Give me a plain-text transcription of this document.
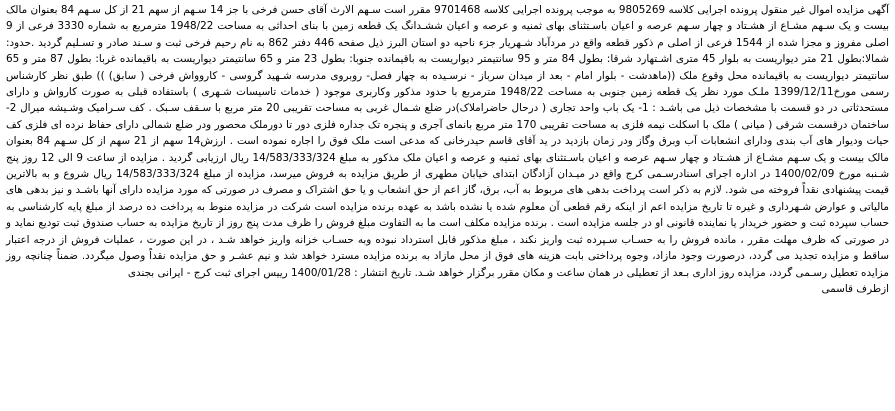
آگهی مزایده اموال غیر منقول پرونده اجرایی کلاسه 9805269 به موجب پرونده اجرایی کلاسه 9701468 مقرر است سـهم الارث آقای حسن فرخی با جز 14 سـهم از سهم 21 از کل سـهم 84 بعنوان مالک بیست و یک سـهم مشـاع از هشـتاد و چهار سـهم عرصه و اعیان باسـتثنای بهای ثمنیه و عرصه و اعیان ششـدانگ یک قطعه زمین با بنای احداثی به مساحت 1948/22 مترمربع به شماره 3330 فرعی از 9 اصلی مفروز و مجزا شده از 1544 فرعی از اصلی م ذکور قطعه واقع در مردآباد شـهریار جزء ناحیه دو استان البرز ذیل صفحه 446 دفتر 862 به نام رحیم فرخی ثبت و سـند صادر و تسـلیم گردید .حدود: شمالا:بطول 21 متر دیواریست به بلوار 45 متری اشـتهارد شرقا: بطول 84 متر و 95 سانتیمتر دیواریست به باقیمانده جنوبا: بطول 23 متر و 65 سانتیمتر دیواریست به باقیمانده غربا: بطول 87 متر و 65 سانتیمتر دیواریست به باقیمانده محل وقوع ملک ((ماهدشت - بلوار امام - بعد از میدان سرباز - نرسـیده به چهار فصل- روبروی مدرسه شـهید گروسی - کاروواش فرخی ( سابق) )) طبق نظر کارشناس رسمی مورخ1399/12/11 ملـک مورد نظر یک قطعه زمین جنوبی به مساحت 1948/22 مترمربع با حدود مذکور وکاربری موجود ( خدمات تاسیسات شـهری ) باستفاده قبلی به صورت کارواش و دارای مستحدثاتی در دو قسمت با مشخصات ذیل می باشـد : 1- یک باب واحد تجاری ( درحال حاضراملاک)در ضلع شـمال غربی به مساحت تقریبی 20 متر مربع با سـقف سـبک . کف سـرامیک وشـیشه میرال 2-ساختمان درقسمت شرقی ( میانی ) ملک با اسکلت نیمه فلزی به مساحت تقریبی 170 متر مربع بانمای آجری و پنجره تک جداره فلزی دور تا دورملک محصور ودر ضلع شمالی دارای حفاظ نرده ای فلزی کف حیات ودیوار های آب بندی ودارای انشعابات آب وبرق وگاز ودر زمان بازدید در ید آقای قاسم حیدرخانی که مدعی است ملک فوق را اجاره نموده است . ارزش14 سهم از 21 سهم از کل سـهم 84 بعنوان مالک بیست و یک سـهم مشـاع از هشـتاد و چهار سـهم عرصه و اعیان باسـتثنای بهای ثمنیه و عرصه و اعیان ملک مذکور به مبلغ 14/583/333/324 ریال ارزیابی گردید . مزایده از ساعت 9 الی 12 روز پنج شـنبه مورخ 1400/02/09 در اداره اجرای اسنادرسـمی کرج واقع در میـدان آزادگان ابتدای خیابان مطهری از طریق مزایده به فروش میرسد، مزایده از مبلغ 14/583/333/324 ریال شروع و به بالاترین قیمت پیشنهادی نقداً فروخته می شود. لازم به ذکر است پرداخت بدهی های مربوط به آب، برق، گاز اعم از حق انشعاب و یا حق اشتراک و مصرف در صورتی که مورد مزایده دارای آنها باشـد و نیز بدهی های مالیاتی و عوارض شـهرداری و غیره تا تاریخ مزایده اعم از اینکه رقم قطعی آن معلوم شده یا نشده باشد به عهده برنده مزایده است شرکت در مزایده منوط به پرداخت ده درصد از مبلغ پایه کارشناسی به حساب سپرده ثبت و حضور خریدار یا نماینده قانونی او در جلسه مزایده است . برنده مزایده مکلف است ما به التفاوت مبلغ فروش را ظرف مدت پنج روز از تاریخ مزایده به حساب صندوق ثبت تودیع نماید و در صورتی که ظرف مهلت مقرر ، مانده فروش را به حسـاب سـپرده ثبت واریز نکند ، مبلغ مذکور قابل استرداد نبوده وبه حسـاب خزانه واریز خواهد شـد ، در این صورت ، عملیات فروش از درجه اعتبار ساقط و مزایده تجدید می گردد، درصورت وجود مازاد، وجوه پرداختی بابت هزینه های فوق از محل مازاد به برنده مزایده مسترد خواهد شد و نیم عشـر و حق مزایده نقداً وصول میگردد. ضمناً چنانچه روز مزایده تعطیل رسـمی گردد، مزایده روز اداری بـعد از تعطیلی در همان ساعت و مکان مقرر برگزار خواهد شـد. تاریخ انتشار : 1400/01/28 رییس اجرای ثبت کرج - ایرانی بجندی

ازطرف قاسمی
